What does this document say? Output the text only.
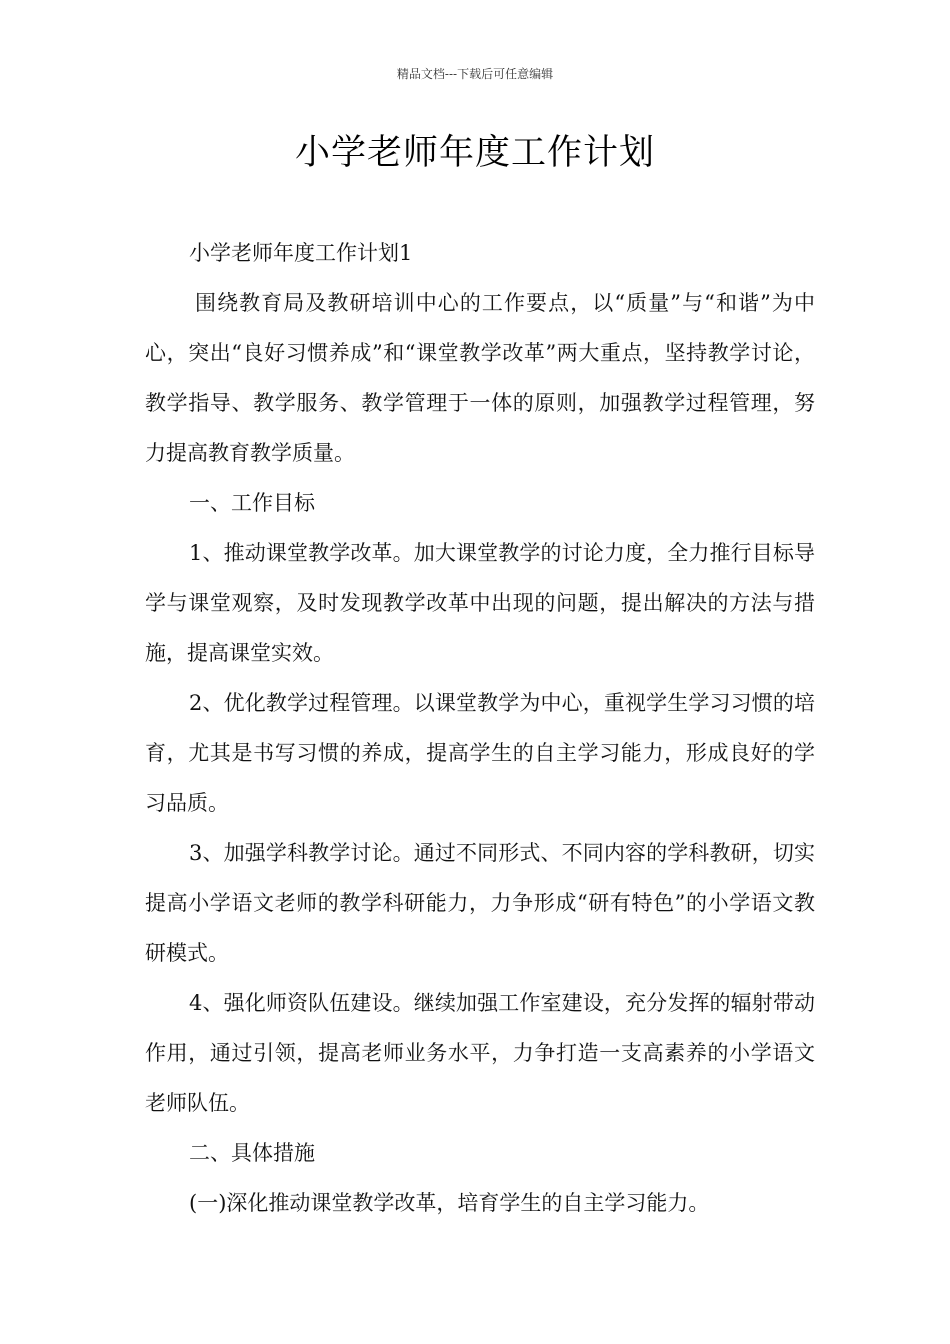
精品文档---下载后可任意编辑
小学老师年度工作计划

小学老师年度工作计划1

围绕教育局及教研培训中心的工作要点，以“质量”与“和谐”为中心，突出“良好习惯养成”和“课堂教学改革”两大重点，坚持教学讨论，教学指导、教学服务、教学管理于一体的原则，加强教学过程管理，努力提高教育教学质量。

一、工作目标

1、推动课堂教学改革。加大课堂教学的讨论力度，全力推行目标导学与课堂观察，及时发现教学改革中出现的问题，提出解决的方法与措施，提高课堂实效。

2、优化教学过程管理。以课堂教学为中心，重视学生学习习惯的培育，尤其是书写习惯的养成，提高学生的自主学习能力，形成良好的学习品质。

3、加强学科教学讨论。通过不同形式、不同内容的学科教研，切实提高小学语文老师的教学科研能力，力争形成“研有特色”的小学语文教研模式。

4、强化师资队伍建设。继续加强工作室建设，充分发挥的辐射带动作用，通过引领，提高老师业务水平，力争打造一支高素养的小学语文老师队伍。

二、具体措施

(一)深化推动课堂教学改革，培育学生的自主学习能力。
